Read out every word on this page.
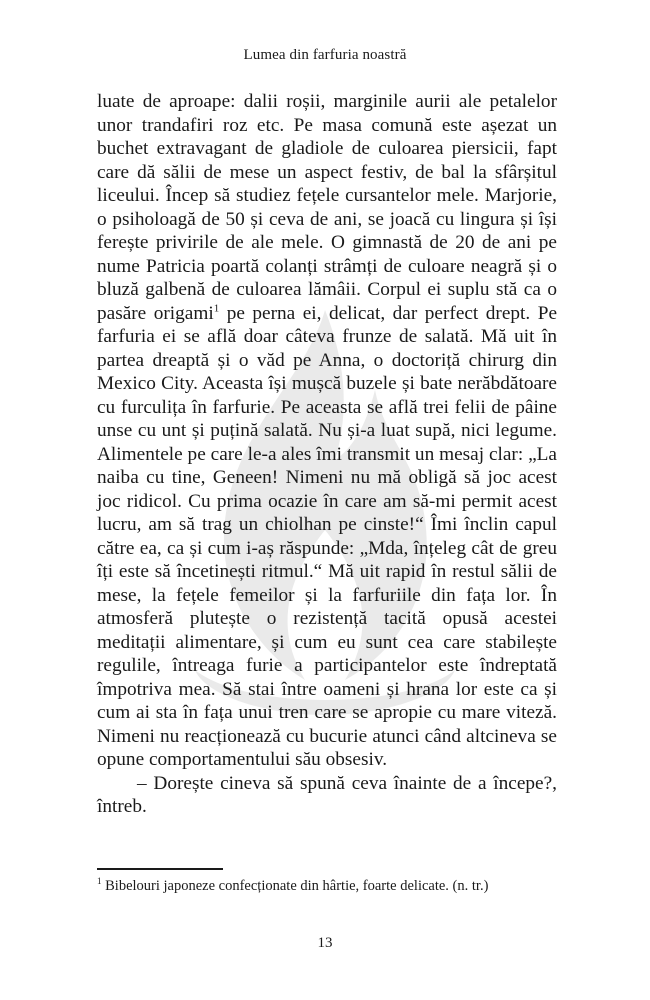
Lumea din farfuria noastră

luate de aproape: dalii roșii, marginile aurii ale petalelor unor trandafiri roz etc. Pe masa comună este așezat un buchet extravagant de gladiole de culoarea piersicii, fapt care dă sălii de mese un aspect festiv, de bal la sfârșitul liceului. Încep să studiez fețele cursantelor mele. Marjorie, o psiholoagă de 50 și ceva de ani, se joacă cu lingura și își ferește privirile de ale mele. O gimnastă de 20 de ani pe nume Patricia poartă colanți strâmți de culoare neagră și o bluză galbenă de culoarea lămâii. Corpul ei suplu stă ca o pasăre origami$^1$ pe perna ei, delicat, dar perfect drept. Pe farfuria ei se află doar câteva frunze de salată. Mă uit în partea dreaptă și o văd pe Anna, o doctoriță chirurg din Mexico City. Aceasta își mușcă buzele și bate nerăbdătoare cu furculița în farfurie. Pe aceasta se află trei felii de pâine unse cu unt și puțină salată. Nu și-a luat supă, nici legume. Alimentele pe care le-a ales îmi transmit un mesaj clar: „La naiba cu tine, Geneen! Nimeni nu mă obligă să joc acest joc ridicol. Cu prima ocazie în care am să-mi permit acest lucru, am să trag un chiolhan pe cinste!“ Îmi înclin capul către ea, ca și cum i-aș răspunde: „Mda, înțeleg cât de greu îți este să încetinești ritmul.“ Mă uit rapid în restul sălii de mese, la fețele femeilor și la farfuriile din fața lor. În atmosferă plutește o rezistență tacită opusă acestei meditații alimentare, și cum eu sunt cea care stabilește regulile, întreaga furie a participantelor este îndreptată împotriva mea. Să stai între oameni și hrana lor este ca și cum ai sta în fața unui tren care se apropie cu mare viteză. Nimeni nu reacționează cu bucurie atunci când altcineva se opune comportamentului său obsesiv.

– Dorește cineva să spună ceva înainte de a începe?, întreb.

$^1$ Bibelouri japoneze confecționate din hârtie, foarte delicate. (n. tr.)
13
